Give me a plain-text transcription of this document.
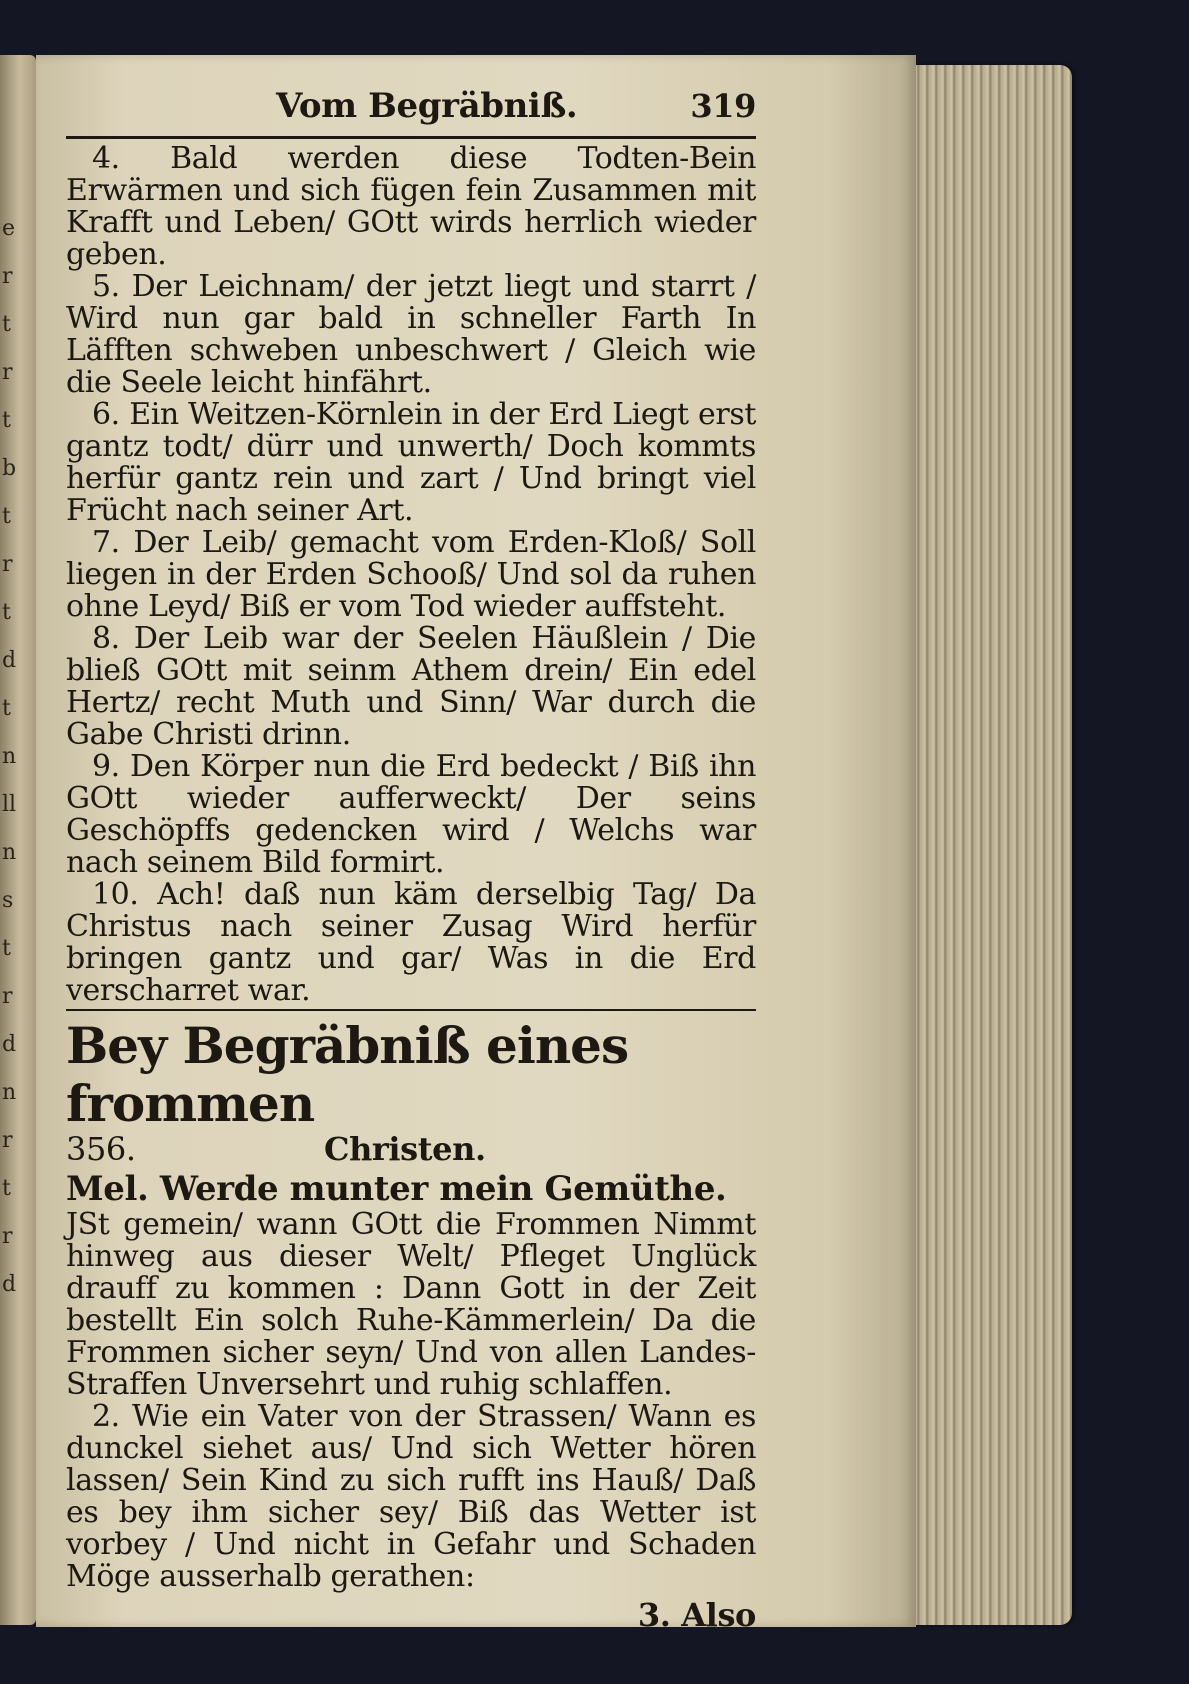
e
r
t
r
t
b
t
r
t
d
t
n
ll
n
s
t
r
d
n
r
t
r
d
Vom Begräbniß.	319

4. Bald werden diese Todten-Bein Erwärmen und sich fügen fein Zusammen mit Krafft und Leben/ GOtt wirds herrlich wieder geben.

5. Der Leichnam/ der jetzt liegt und starrt / Wird nun gar bald in schneller Farth In Läfften schweben unbeschwert / Gleich wie die Seele leicht hinfährt.

6. Ein Weitzen-Körnlein in der Erd Liegt erst gantz todt/ dürr und unwerth/ Doch kommts herfür gantz rein und zart / Und bringt viel Frücht nach seiner Art.

7. Der Leib/ gemacht vom Erden-Kloß/ Soll liegen in der Erden Schooß/ Und sol da ruhen ohne Leyd/ Biß er vom Tod wieder auffsteht.

8. Der Leib war der Seelen Häußlein / Die bließ GOtt mit seinm Athem drein/ Ein edel Hertz/ recht Muth und Sinn/ War durch die Gabe Christi drinn.

9. Den Körper nun die Erd bedeckt / Biß ihn GOtt wieder aufferweckt/ Der seins Geschöpffs gedencken wird / Welchs war nach seinem Bild formirt.

10. Ach! daß nun käm derselbig Tag/ Da Christus nach seiner Zusag Wird herfür bringen gantz und gar/ Was in die Erd verscharret war.

Bey Begräbniß eines frommen
356.	Christen.
Mel. Werde munter mein Gemüthe.

JSt gemein/ wann GOtt die Frommen Nimmt hinweg aus dieser Welt/ Pfleget Unglück drauff zu kommen : Dann Gott in der Zeit bestellt Ein solch Ruhe-Kämmerlein/ Da die Frommen sicher seyn/ Und von allen Landes-Straffen Unversehrt und ruhig schlaffen.

2. Wie ein Vater von der Strassen/ Wann es dunckel siehet aus/ Und sich Wetter hören lassen/ Sein Kind zu sich rufft ins Hauß/ Daß es bey ihm sicher sey/ Biß das Wetter ist vorbey / Und nicht in Gefahr und Schaden Möge ausserhalb gerathen:

3. Also
